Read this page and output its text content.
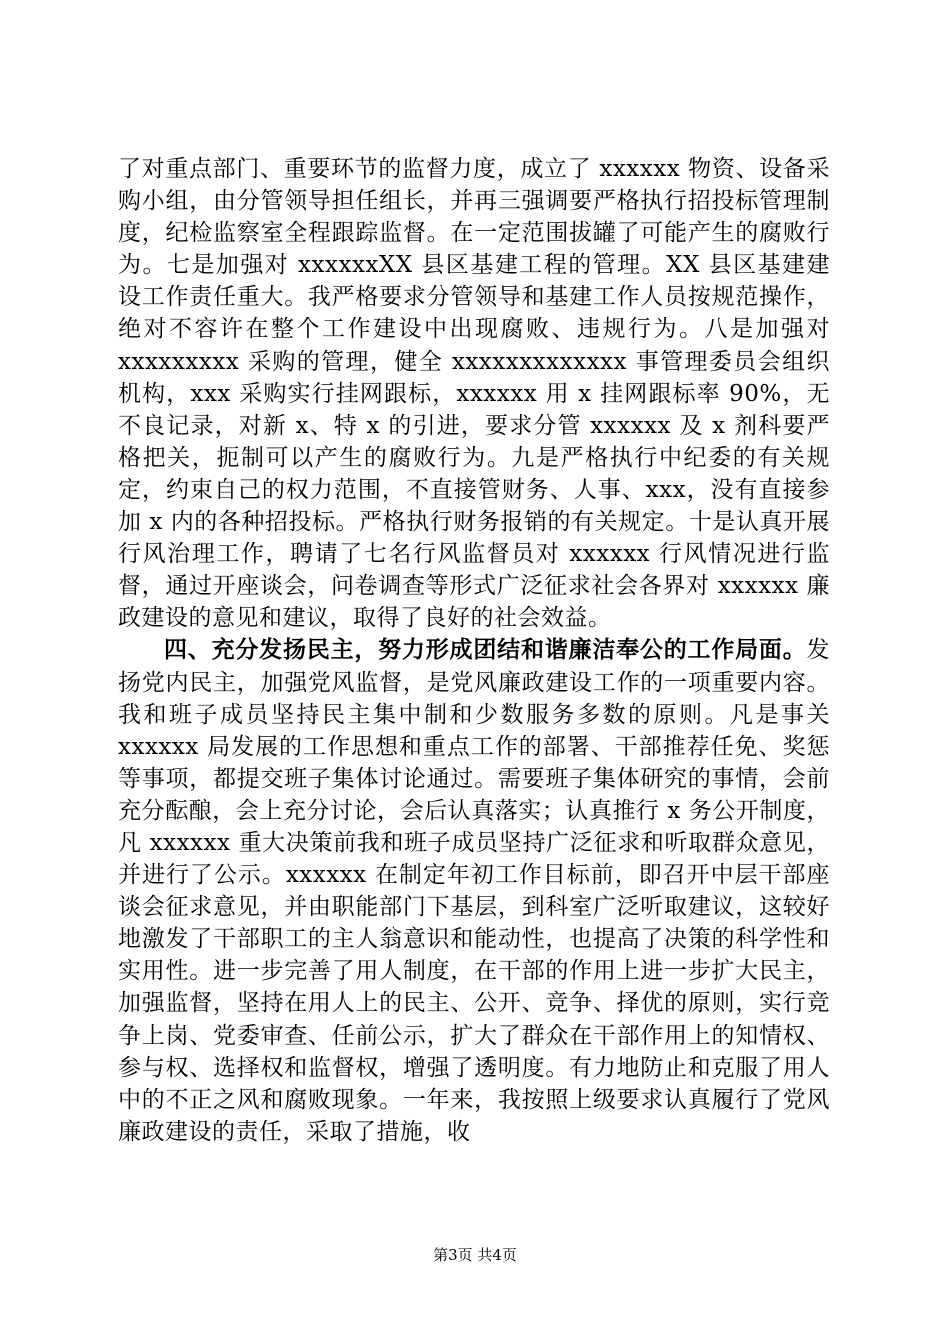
了对重点部门、重要环节的监督力度，成立了 xxxxxx 物资、设备采购小组，由分管领导担任组长，并再三强调要严格执行招投标管理制度，纪检监察室全程跟踪监督。在一定范围拔罐了可能产生的腐败行为。七是加强对 xxxxxxXX 县区基建工程的管理。XX 县区基建建设工作责任重大。我严格要求分管领导和基建工作人员按规范操作，绝对不容许在整个工作建设中出现腐败、违规行为。八是加强对 xxxxxxxxx 采购的管理，健全 xxxxxxxxxxxxx 事管理委员会组织机构，xxx 采购实行挂网跟标，xxxxxx 用 x 挂网跟标率 90%，无不良记录，对新 x、特 x 的引进，要求分管 xxxxxx 及 x 剂科要严格把关，扼制可以产生的腐败行为。九是严格执行中纪委的有关规定，约束自己的权力范围，不直接管财务、人事、xxx，没有直接参加 x 内的各种招投标。严格执行财务报销的有关规定。十是认真开展行风治理工作，聘请了七名行风监督员对 xxxxxx 行风情况进行监督，通过开座谈会，问卷调查等形式广泛征求社会各界对 xxxxxx 廉政建设的意见和建议，取得了良好的社会效益。

四、充分发扬民主，努力形成团结和谐廉洁奉公的工作局面。发扬党内民主，加强党风监督，是党风廉政建设工作的一项重要内容。我和班子成员坚持民主集中制和少数服务多数的原则。凡是事关 xxxxxx 局发展的工作思想和重点工作的部署、干部推荐任免、奖惩等事项，都提交班子集体讨论通过。需要班子集体研究的事情，会前充分酝酿，会上充分讨论，会后认真落实；认真推行 x 务公开制度，凡 xxxxxx 重大决策前我和班子成员坚持广泛征求和听取群众意见，并进行了公示。xxxxxx 在制定年初工作目标前，即召开中层干部座谈会征求意见，并由职能部门下基层，到科室广泛听取建议，这较好地激发了干部职工的主人翁意识和能动性，也提高了决策的科学性和实用性。进一步完善了用人制度，在干部的作用上进一步扩大民主，加强监督，坚持在用人上的民主、公开、竞争、择优的原则，实行竞争上岗、党委审查、任前公示，扩大了群众在干部作用上的知情权、参与权、选择权和监督权，增强了透明度。有力地防止和克服了用人中的不正之风和腐败现象。一年来，我按照上级要求认真履行了党风廉政建设的责任，采取了措施，收

第3页 共4页
